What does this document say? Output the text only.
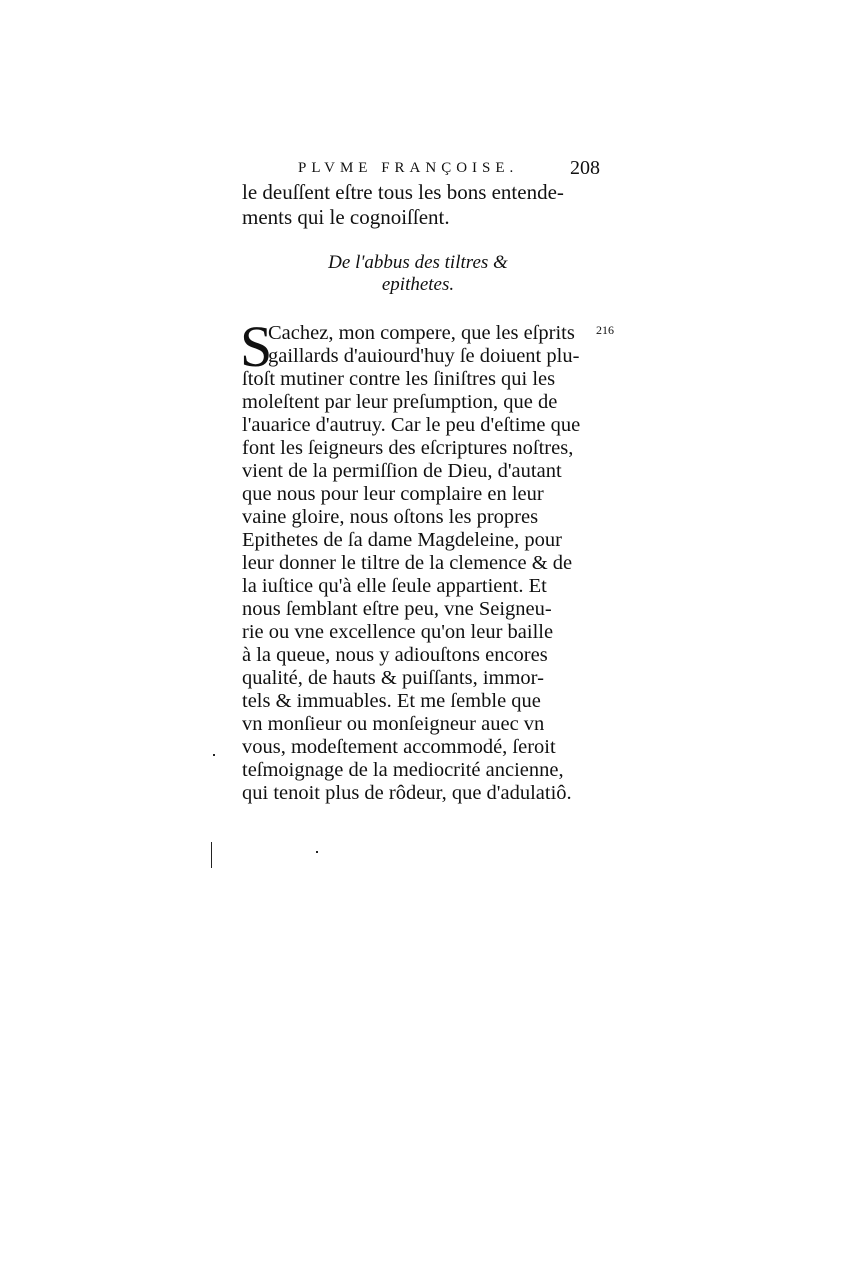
PLVME FRANÇOISE.	208
le deuſſent eſtre tous les bons entende-
ments qui le cognoiſſent.
De l'abbus des tiltres &
epithetes.
S	216
Cachez, mon compere, que les eſprits
gaillards d'auiourd'huy ſe doiuent plu-
ſtoſt mutiner contre les ſiniſtres qui les
moleſtent par leur preſumption, que de
l'auarice d'autruy. Car le peu d'eſtime que
font les ſeigneurs des eſcriptures noſtres,
vient de la permiſſion de Dieu, d'autant
que nous pour leur complaire en leur
vaine gloire, nous oſtons les propres
Epithetes de ſa dame Magdeleine, pour
leur donner le tiltre de la clemence & de
la iuſtice qu'à elle ſeule appartient. Et
nous ſemblant eſtre peu, vne Seigneu-
rie ou vne excellence qu'on leur baille
à la queue, nous y adiouſtons encores
qualité, de hauts & puiſſants, immor-
tels & immuables. Et me ſemble que
vn monſieur ou monſeigneur auec vn
vous, modeſtement accommodé, ſeroit
teſmoignage de la mediocrité ancienne,
qui tenoit plus de rôdeur, que d'adulatiô.
